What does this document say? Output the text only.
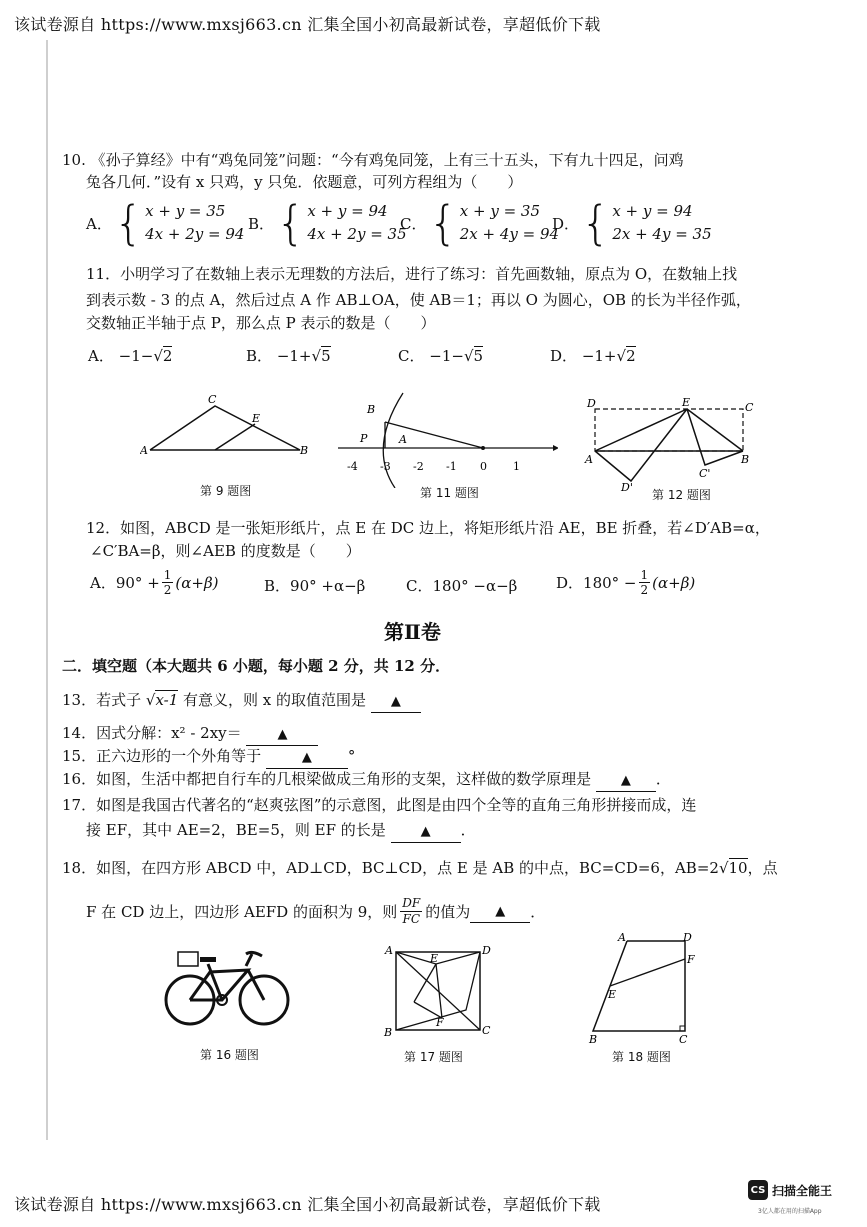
该试卷源自 https://www.mxsj663.cn 汇集全国小初高最新试卷，享超低价下载
10. 《孙子算经》中有“鸡兔同笼”问题：“今有鸡兔同笼，上有三十五头，下有九十四足，问鸡
兔各几何．”设有 x 只鸡，y 只兔．依题意，可列方程组为（　　）
A． { x + y = 35
4x + 2y = 94
B． { x + y = 94
4x + 2y = 35
C． { x + y = 35
2x + 4y = 94
D． { x + y = 94
2x + 4y = 35
11．小明学习了在数轴上表示无理数的方法后，进行了练习：首先画数轴，原点为 O，在数轴上找
到表示数 - 3 的点 A，然后过点 A 作 AB⊥OA，使 AB＝1；再以 O 为圆心，OB 的长为半径作弧，
交数轴正半轴于点 P，那么点 P 表示的数是（　　）
A． −1−√2	B． −1+√5	C． −1−√5	D． −1+√2
C
E
A	B
第 9 题图
B
P	A
-4 -3 -2 -1 0 1
第 11 题图
D	E	C
A	B
C'
D'
第 12 题图
12．如图，ABCD 是一张矩形纸片，点 E 在 DC 边上，将矩形纸片沿 AE，BE 折叠，若∠D′AB=α，
∠C′BA=β，则∠AEB 的度数是（　　）
A． $90^\circ + \frac{1}{2} (\alpha+\beta)$	B．90° +α−β	C．180° −α−β	D． $180^\circ - \frac{1}{2} (\alpha+\beta)$
第Ⅱ卷
二．填空题（本大题共 6 小题，每小题 2 分，共 12 分．
13．若式子 √x-1 有意义，则 x 的取值范围是 ▲
14．因式分解：x² - 2xy＝	▲
15．正六边形的一个外角等于	▲ °
16．如图，生活中都把自行车的几根梁做成三角形的支架，这样做的数学原理是 ▲ ．
17．如图是我国古代著名的“赵爽弦图”的示意图，此图是由四个全等的直角三角形拼接而成，连
接 EF，其中 AE=2，BE=5，则 EF 的长是	▲ ．
18．如图，在四方形 ABCD 中，AD⊥CD，BC⊥CD，点 E 是 AB 的中点，BC=CD=6，AB=2√10，点
F 在 CD 边上，四边形 AEFD 的面积为 9，则 $\frac{DF}{FC}$ 的值为	▲	．
第 16 题图
A	D
E
B
F
C
第 17 题图
A	D
F
E
B	C
第 18 题图
该试卷源自 https://www.mxsj663.cn 汇集全国小初高最新试卷，享超低价下载
CS 扫描全能王
3亿人都在用的扫描App
